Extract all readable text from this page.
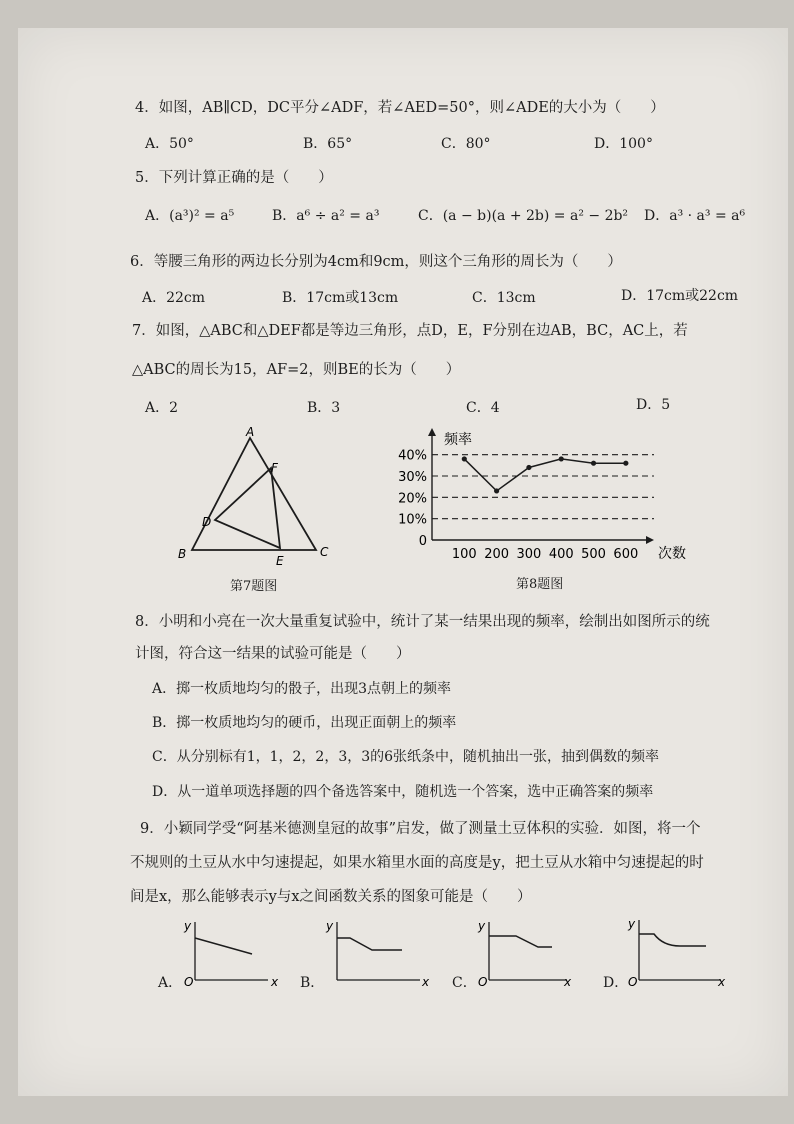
4．如图，AB∥CD，DC平分∠ADF，若∠AED=50°，则∠ADE的大小为（　　）
A．50°	B．65°	C．80°	D．100°
5．下列计算正确的是（　　）
A．(a³)² = a⁵	B．a⁶ ÷ a² = a³	C．(a − b)(a + 2b) = a² − 2b² D．a³ · a³ = a⁶
6．等腰三角形的两边长分别为4cm和9cm，则这个三角形的周长为（　　）
A．22cm	B．17cm或13cm	C．13cm	D．17cm或22cm
7．如图，△ABC和△DEF都是等边三角形，点D，E，F分别在边AB，BC，AC上，若
△ABC的周长为15，AF=2，则BE的长为（　　）
A．2	B．3	C．4	D．5
A
B	C
D
E
F
第7题图
频率
次数
0
10%
20%
30%
40%
100 200 300 400 500 600
第8题图
8．小明和小亮在一次大量重复试验中，统计了某一结果出现的频率，绘制出如图所示的统
计图，符合这一结果的试验可能是（　　）
A．掷一枚质地均匀的骰子，出现3点朝上的频率
B．掷一枚质地均匀的硬币，出现正面朝上的频率
C．从分别标有1，1，2，2，3，3的6张纸条中，随机抽出一张，抽到偶数的频率
D．从一道单项选择题的四个备选答案中，随机选一个答案，选中正确答案的频率
9．小颖同学受“阿基米德测皇冠的故事”启发，做了测量土豆体积的实验．如图，将一个
不规则的土豆从水中匀速提起，如果水箱里水面的高度是y，把土豆从水箱中匀速提起的时
间是x，那么能够表示y与x之间函数关系的图象可能是（　　）
A．
y
x
O	B．
y
x C．
y
x
O	D．
y
x
O
